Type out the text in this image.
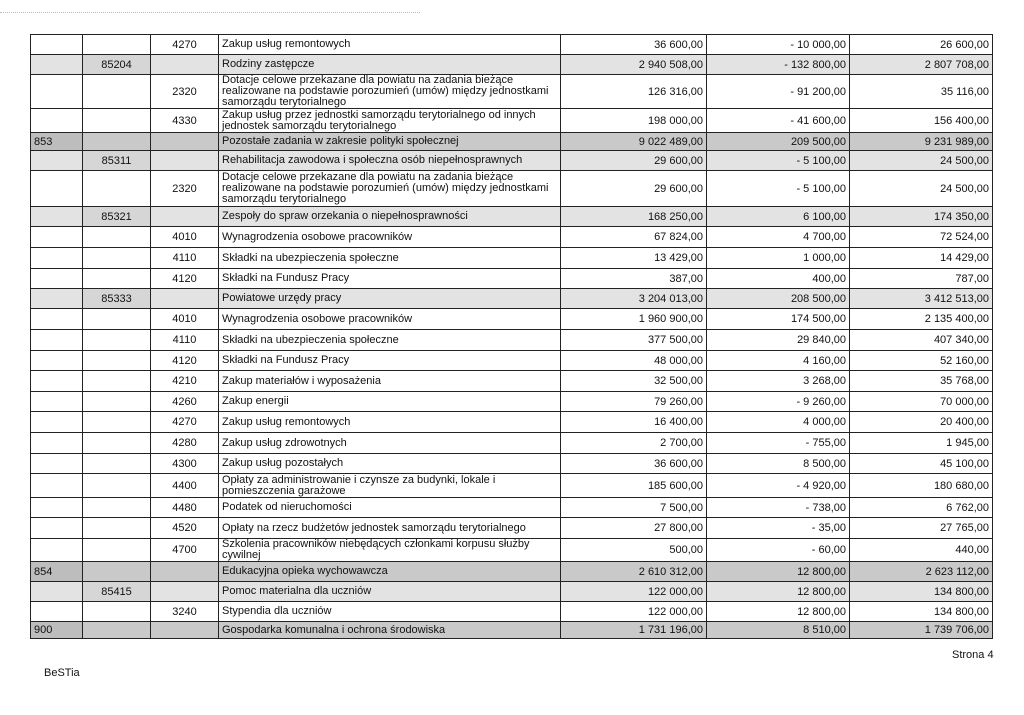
		4270	Zakup usług remontowych	36 600,00	- 10 000,00	26 600,00
	85204		Rodziny zastępcze	2 940 508,00	- 132 800,00	2 807 708,00
		2320	Dotacje celowe przekazane dla powiatu na zadania bieżące realizowane na podstawie porozumień (umów) między jednostkami samorządu terytorialnego	126 316,00	- 91 200,00	35 116,00
		4330	Zakup usług przez jednostki samorządu terytorialnego od innych jednostek samorządu terytorialnego	198 000,00	- 41 600,00	156 400,00
853			Pozostałe zadania w zakresie polityki społecznej	9 022 489,00	209 500,00	9 231 989,00
	85311		Rehabilitacja zawodowa i społeczna osób niepełnosprawnych	29 600,00	- 5 100,00	24 500,00
		2320	Dotacje celowe przekazane dla powiatu na zadania bieżące realizowane na podstawie porozumień (umów) między jednostkami samorządu terytorialnego	29 600,00	- 5 100,00	24 500,00
	85321		Zespoły do spraw orzekania o niepełnosprawności	168 250,00	6 100,00	174 350,00
		4010	Wynagrodzenia osobowe pracowników	67 824,00	4 700,00	72 524,00
		4110	Składki na ubezpieczenia społeczne	13 429,00	1 000,00	14 429,00
		4120	Składki na Fundusz Pracy	387,00	400,00	787,00
	85333		Powiatowe urzędy pracy	3 204 013,00	208 500,00	3 412 513,00
		4010	Wynagrodzenia osobowe pracowników	1 960 900,00	174 500,00	2 135 400,00
		4110	Składki na ubezpieczenia społeczne	377 500,00	29 840,00	407 340,00
		4120	Składki na Fundusz Pracy	48 000,00	4 160,00	52 160,00
		4210	Zakup materiałów i wyposażenia	32 500,00	3 268,00	35 768,00
		4260	Zakup energii	79 260,00	- 9 260,00	70 000,00
		4270	Zakup usług remontowych	16 400,00	4 000,00	20 400,00
		4280	Zakup usług zdrowotnych	2 700,00	- 755,00	1 945,00
		4300	Zakup usług pozostałych	36 600,00	8 500,00	45 100,00
		4400	Opłaty za administrowanie i czynsze za budynki, lokale i pomieszczenia garażowe	185 600,00	- 4 920,00	180 680,00
		4480	Podatek od nieruchomości	7 500,00	- 738,00	6 762,00
		4520	Opłaty na rzecz budżetów jednostek samorządu terytorialnego	27 800,00	- 35,00	27 765,00
		4700	Szkolenia pracowników niebędących członkami korpusu służby cywilnej	500,00	- 60,00	440,00
854			Edukacyjna opieka wychowawcza	2 610 312,00	12 800,00	2 623 112,00
	85415		Pomoc materialna dla uczniów	122 000,00	12 800,00	134 800,00
		3240	Stypendia dla uczniów	122 000,00	12 800,00	134 800,00
900			Gospodarka komunalna i ochrona środowiska	1 731 196,00	8 510,00	1 739 706,00
BeSTia
Strona 4
